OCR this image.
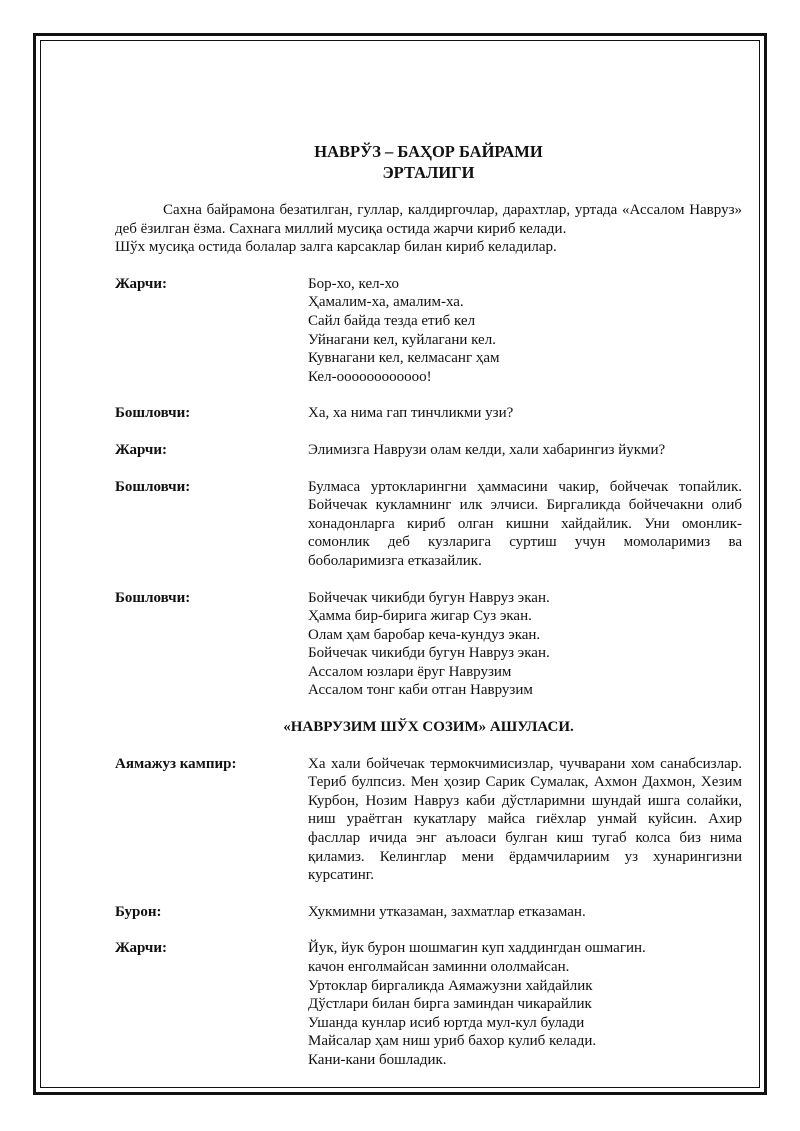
НАВРЎЗ – БАҲОР БАЙРАМИ
ЭРТАЛИГИ

Сахна байрамона безатилган, гуллар, калдиргочлар, дарахтлар, уртада «Ассалом Навруз» деб ёзилган ёзма. Сахнага миллий мусиқа остида жарчи кириб келади.

Шўх мусиқа остида болалар залга карсаклар билан кириб келадилар.

Жарчи:	Бор-хо, кел-хо
Ҳамалим-ха, амалим-ха.
Сайл байда тезда етиб кел
Уйнагани кел, куйлагани кел.
Кувнагани кел, келмасанг ҳам
Кел-оооооооооооо!
Бошловчи:	Ха, ха нима гап тинчликми узи?
Жарчи:	Элимизга Наврузи олам келди, хали хабарингиз йукми?
Бошловчи:	Булмаса уртокларингни ҳаммасини чакир, бойчечак топайлик. Бойчечак кукламнинг илк элчиси. Биргаликда бойчечакни олиб хонадонларга кириб олган кишни хайдайлик. Уни омонлик-сомонлик деб кузларига суртиш учун момоларимиз ва боболаримизга етказайлик.
Бошловчи:	Бойчечак чикибди бугун Навруз экан.
Ҳамма бир-бирига жигар Суз экан.
Олам ҳам баробар кеча-кундуз экан.
Бойчечак чикибди бугун Навруз экан.
Ассалом юзлари ёруг Наврузим
Ассалом тонг каби отган Наврузим
«НАВРУЗИМ ШЎХ СОЗИМ» АШУЛАСИ.
Аямажуз кампир:	Ха хали бойчечак термокчимисизлар, чучварани хом санабсизлар. Териб булпсиз. Мен ҳозир Сарик Сумалак, Ахмон Дахмон, Хезим Курбон, Нозим Навруз каби дўстларимни шундай ишга солайки, ниш ураётган кукатлару майса гиёхлар унмай куйсин. Ахир фасллар ичида энг аълоаси булган киш тугаб колса биз нима қиламиз. Келинглар мени ёрдамчилариим уз хунарингизни курсатинг.
Бурон:	Хукмимни утказаман, захматлар етказаман.
Жарчи:	Йук, йук бурон шошмагин куп хаддингдан ошмагин.
качон енголмайсан заминни ололмайсан.
Уртоклар биргаликда Аямажузни хайдайлик
Дўстлари билан бирга заминдан чикарайлик
Ушанда кунлар исиб юртда мул-кул булади
Майсалар ҳам ниш уриб бахор кулиб келади.
Кани-кани бошладик.
